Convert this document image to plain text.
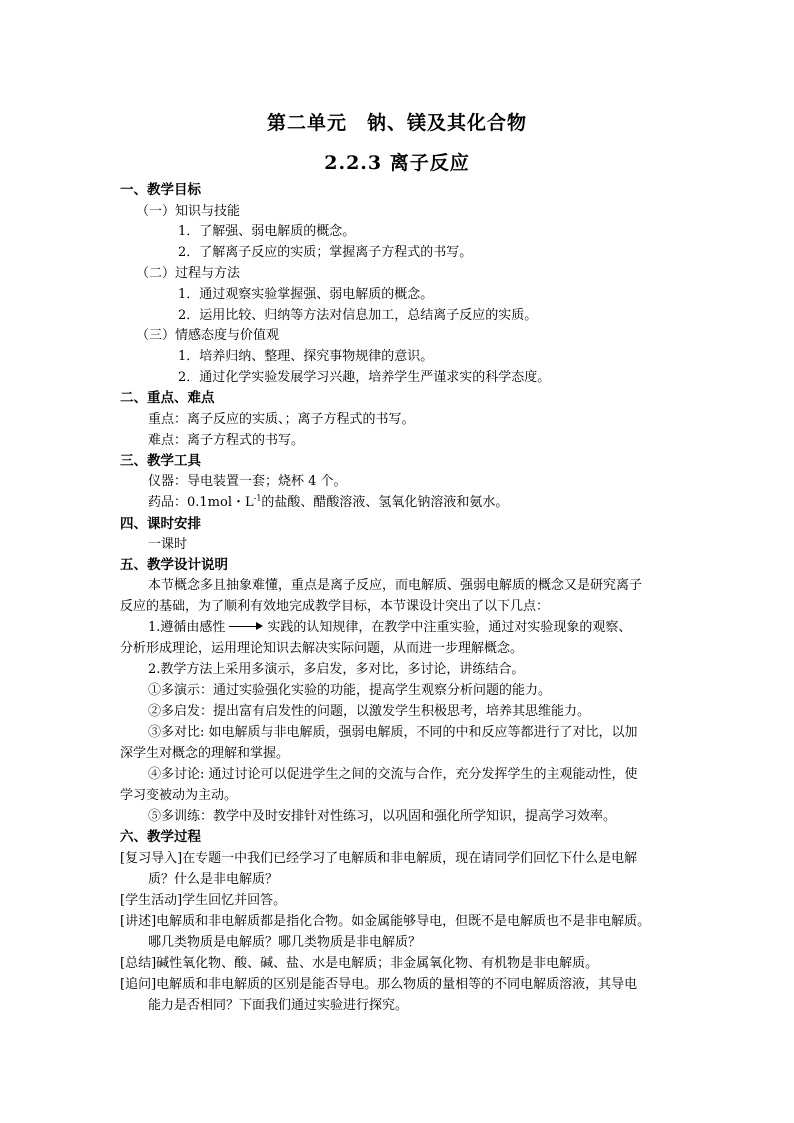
第二单元　钠、镁及其化合物
2.2.3 离子反应
一、教学目标
（一）知识与技能
1．了解强、弱电解质的概念。
2．了解离子反应的实质；掌握离子方程式的书写。
（二）过程与方法
1．通过观察实验掌握强、弱电解质的概念。
2．运用比较、归纳等方法对信息加工，总结离子反应的实质。
（三）情感态度与价值观
1．培养归纳、整理、探究事物规律的意识。
2．通过化学实验发展学习兴趣，培养学生严谨求实的科学态度。
二、重点、难点
重点：离子反应的实质、；离子方程式的书写。
难点：离子方程式的书写。
三、教学工具
仪器：导电装置一套；烧杯 4 个。
药品：0.1mol・$L^{-1}$的盐酸、醋酸溶液、氢氧化钠溶液和氨水。
四、课时安排
一课时
五、教学设计说明
本节概念多且抽象难懂，重点是离子反应，而电解质、强弱电解质的概念又是研究离子
反应的基础，为了顺利有效地完成教学目标，本节课设计突出了以下几点：
1.遵循由感性	实践的认知规律，在教学中注重实验，通过对实验现象的观察、
分析形成理论，运用理论知识去解决实际问题，从而进一步理解概念。
2.教学方法上采用多演示，多启发，多对比，多讨论，讲练结合。
①多演示：通过实验强化实验的功能，提高学生观察分析问题的能力。
②多启发：提出富有启发性的问题，以激发学生积极思考，培养其思维能力。
③多对比: 如电解质与非电解质，强弱电解质，不同的中和反应等都进行了对比，以加
深学生对概念的理解和掌握。
④多讨论: 通过讨论可以促进学生之间的交流与合作，充分发挥学生的主观能动性，使
学习变被动为主动。
⑤多训练：教学中及时安排针对性练习，以巩固和强化所学知识，提高学习效率。
六、教学过程
[复习导入]在专题一中我们已经学习了电解质和非电解质，现在请同学们回忆下什么是电解
质？什么是非电解质？
[学生活动]学生回忆并回答。
[讲述]电解质和非电解质都是指化合物。如金属能够导电，但既不是电解质也不是非电解质。
哪几类物质是电解质？哪几类物质是非电解质？
[总结]碱性氧化物、酸、碱、盐、水是电解质；非金属氧化物、有机物是非电解质。
[追问]电解质和非电解质的区别是能否导电。那么物质的量相等的不同电解质溶液，其导电
能力是否相同？下面我们通过实验进行探究。
